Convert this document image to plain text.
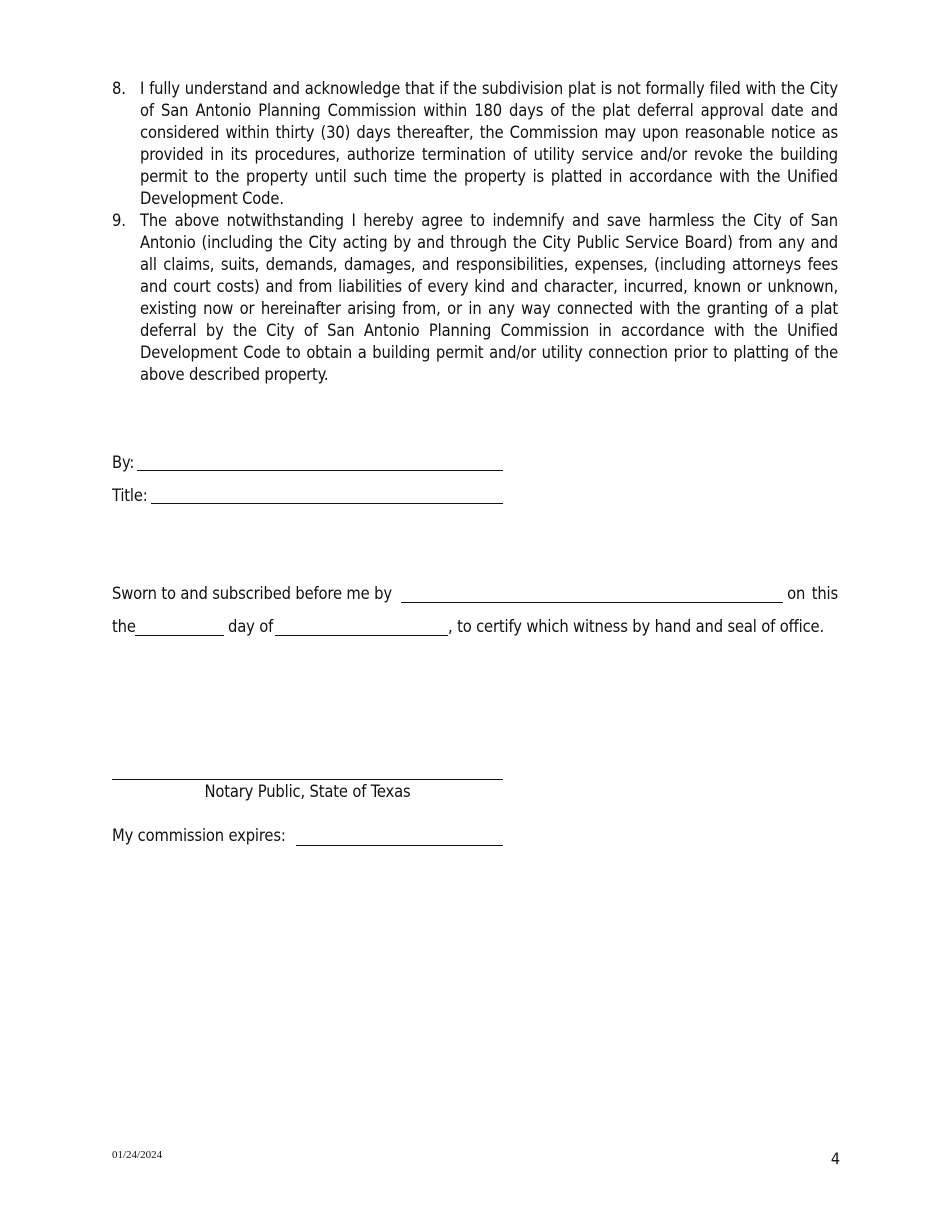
8. I fully understand and acknowledge that if the subdivision plat is not formally filed with the City of San Antonio Planning Commission within 180 days of the plat deferral approval date and considered within thirty (30) days thereafter, the Commission may upon reasonable notice as provided in its procedures, authorize termination of utility service and/or revoke the building permit to the property until such time the property is platted in accordance with the Unified Development Code.
9. The above notwithstanding I hereby agree to indemnify and save harmless the City of San Antonio (including the City acting by and through the City Public Service Board) from any and all claims, suits, demands, damages, and responsibilities, expenses, (including attorneys fees and court costs) and from liabilities of every kind and character, incurred, known or unknown, existing now or hereinafter arising from, or in any way connected with the granting of a plat deferral by the City of San Antonio Planning Commission in accordance with the Unified Development Code to obtain a building permit and/or utility connection prior to platting of the above described property.
By:
Title:
Sworn to and subscribed before me by	on this
the	day of	, to certify which witness by hand and seal of office.
Notary Public, State of Texas
My commission expires:
01/24/2024	4
